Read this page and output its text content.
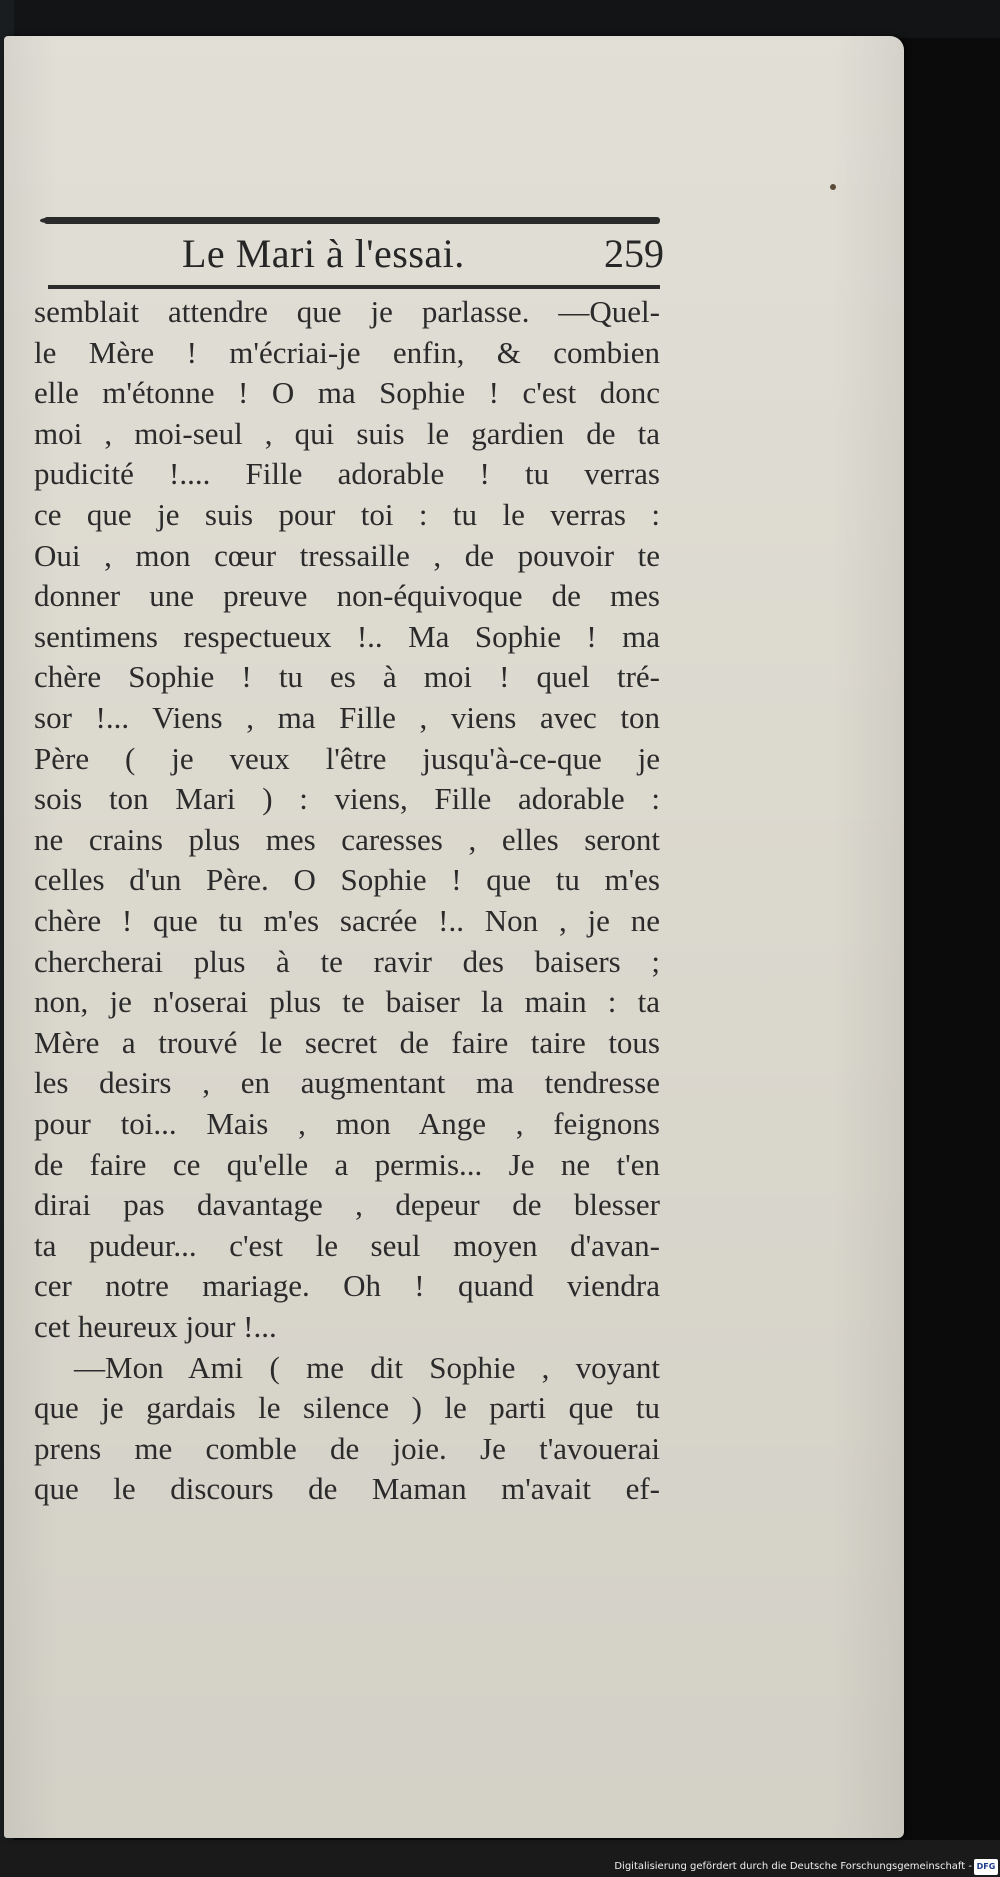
Le Mari à l'essai.	259
semblait attendre que je parlasse. —Quel-
le Mère ! m'écriai-je enfin, & combien
elle m'étonne ! O ma Sophie ! c'est donc
moi , moi-seul , qui suis le gardien de ta
pudicité !.... Fille adorable ! tu verras
ce que je suis pour toi : tu le verras :
Oui , mon cœur tressaille , de pouvoir te
donner une preuve non-équivoque de mes
sentimens respectueux !.. Ma Sophie ! ma
chère Sophie ! tu es à moi ! quel tré-
sor !... Viens , ma Fille , viens avec ton
Père ( je veux l'être jusqu'à-ce-que je
sois ton Mari ) : viens, Fille adorable :
ne crains plus mes caresses , elles seront
celles d'un Père. O Sophie ! que tu m'es
chère ! que tu m'es sacrée !.. Non , je ne
chercherai plus à te ravir des baisers ;
non, je n'oserai plus te baiser la main : ta
Mère a trouvé le secret de faire taire tous
les desirs , en augmentant ma tendresse
pour toi... Mais , mon Ange , feignons
de faire ce qu'elle a permis... Je ne t'en
dirai pas davantage , depeur de blesser
ta pudeur... c'est le seul moyen d'avan-
cer notre mariage. Oh ! quand viendra
cet heureux jour !...
—Mon Ami ( me dit Sophie , voyant
que je gardais le silence ) le parti que tu
prens me comble de joie. Je t'avouerai
que le discours de Maman m'avait ef-
Digitalisierung gefördert durch die Deutsche Forschungsgemeinschaft - DFG
